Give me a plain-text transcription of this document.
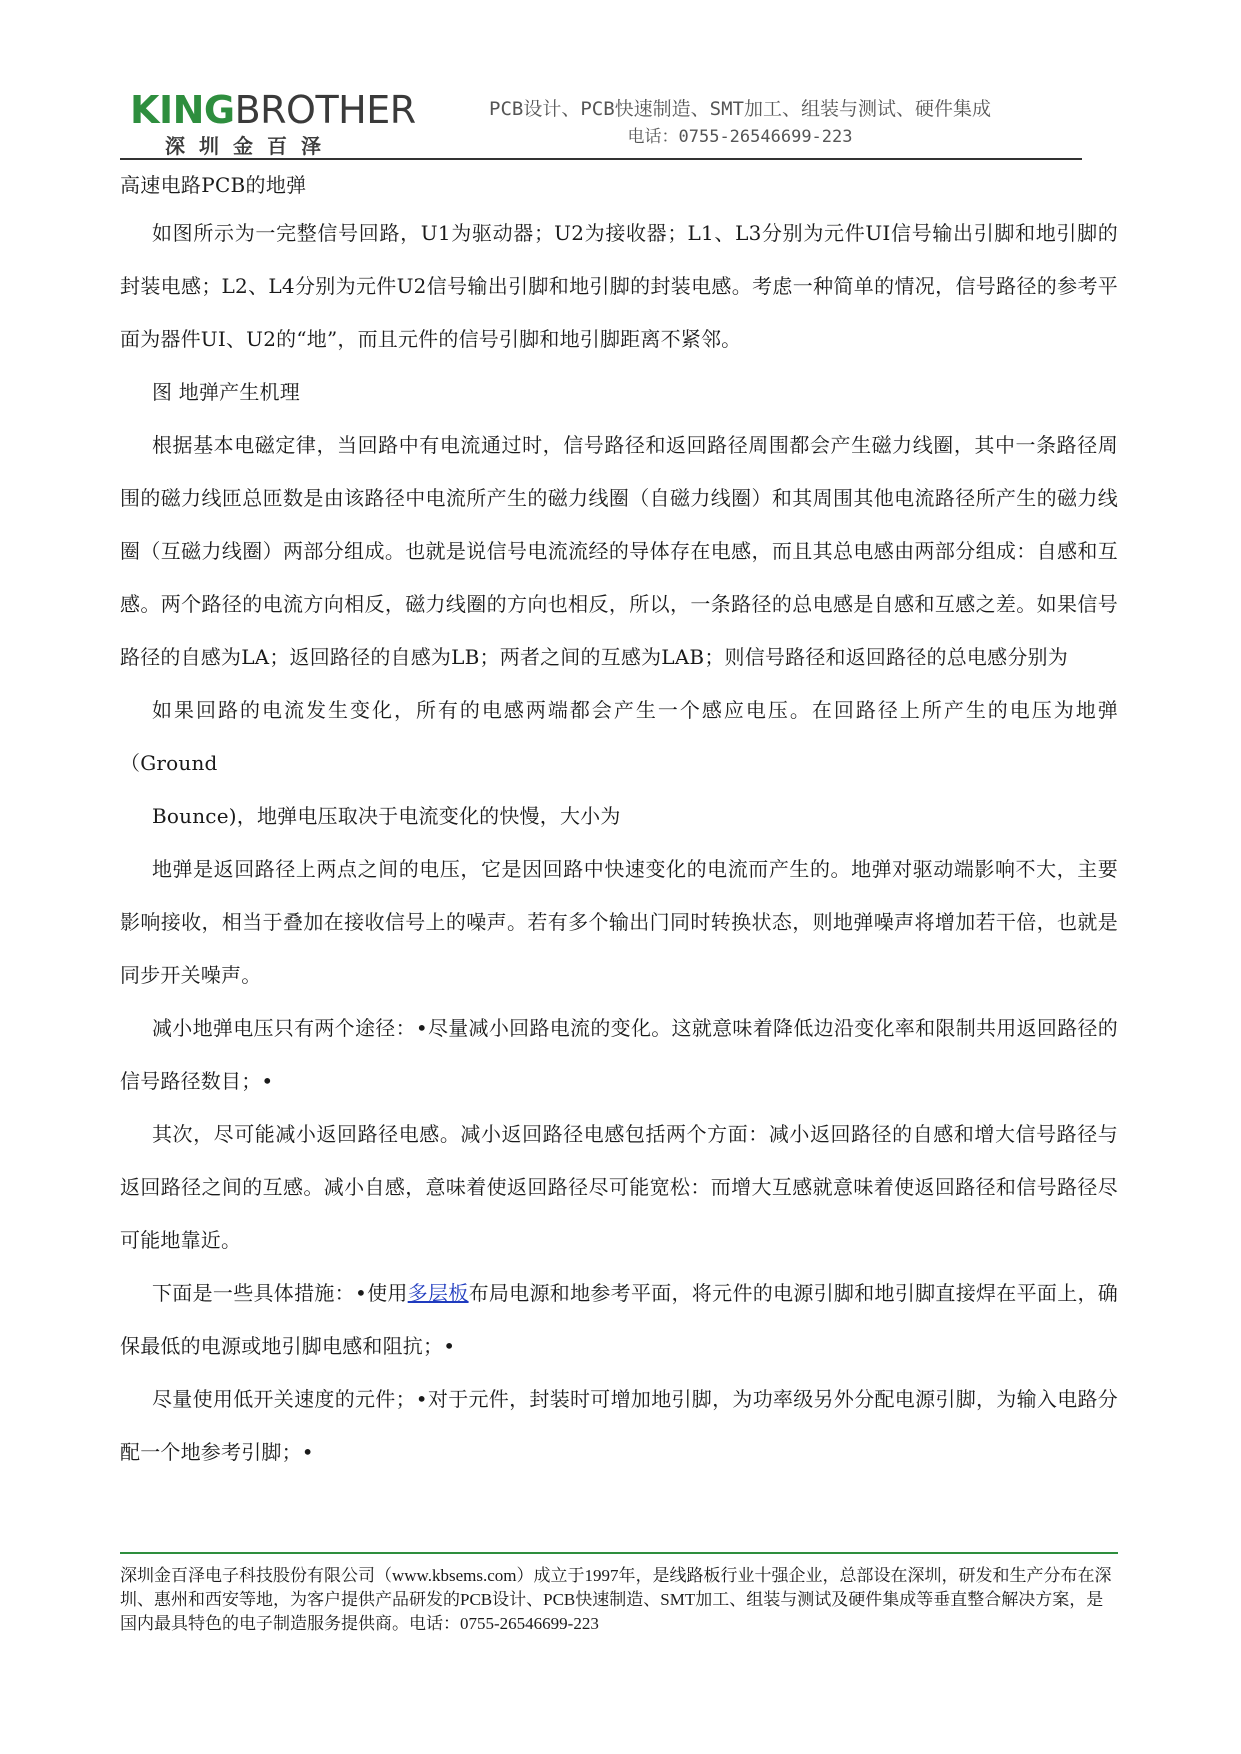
KINGBROTHER
深圳金百泽
PCB设计、PCB快速制造、SMT加工、组装与测试、硬件集成
电话：0755-26546699-223
高速电路PCB的地弹

如图所示为一完整信号回路，U1为驱动器；U2为接收器；L1、L3分别为元件UI信号输出引脚和地引脚的封装电感；L2、L4分别为元件U2信号输出引脚和地引脚的封装电感。考虑一种简单的情况，信号路径的参考平面为器件UI、U2的“地”，而且元件的信号引脚和地引脚距离不紧邻。

图 地弹产生机理

根据基本电磁定律，当回路中有电流通过时，信号路径和返回路径周围都会产生磁力线圈，其中一条路径周围的磁力线匝总匝数是由该路径中电流所产生的磁力线圈（自磁力线圈）和其周围其他电流路径所产生的磁力线圈（互磁力线圈）两部分组成。也就是说信号电流流经的导体存在电感，而且其总电感由两部分组成：自感和互感。两个路径的电流方向相反，磁力线圈的方向也相反，所以，一条路径的总电感是自感和互感之差。如果信号路径的自感为LA；返回路径的自感为LB；两者之间的互感为LAB；则信号路径和返回路径的总电感分别为

如果回路的电流发生变化，所有的电感两端都会产生一个感应电压。在回路径上所产生的电压为地弹（Ground

Bounce)，地弹电压取决于电流变化的快慢，大小为

地弹是返回路径上两点之间的电压，它是因回路中快速变化的电流而产生的。地弹对驱动端影响不大，主要影响接收，相当于叠加在接收信号上的噪声。若有多个输出门同时转换状态，则地弹噪声将增加若干倍，也就是同步开关噪声。

减小地弹电压只有两个途径：•尽量减小回路电流的变化。这就意味着降低边沿变化率和限制共用返回路径的信号路径数目；•

其次，尽可能减小返回路径电感。减小返回路径电感包括两个方面：减小返回路径的自感和增大信号路径与返回路径之间的互感。减小自感，意味着使返回路径尽可能宽松：而增大互感就意味着使返回路径和信号路径尽可能地靠近。

下面是一些具体措施：•使用多层板布局电源和地参考平面，将元件的电源引脚和地引脚直接焊在平面上，确保最低的电源或地引脚电感和阻抗；•

尽量使用低开关速度的元件；•对于元件，封装时可增加地引脚，为功率级另外分配电源引脚，为输入电路分配一个地参考引脚；•

深圳金百泽电子科技股份有限公司（www.kbsems.com）成立于1997年，是线路板行业十强企业，总部设在深圳，研发和生产分布在深圳、惠州和西安等地，为客户提供产品研发的PCB设计、PCB快速制造、SMT加工、组装与测试及硬件集成等垂直整合解决方案，是国内最具特色的电子制造服务提供商。电话：0755-26546699-223
